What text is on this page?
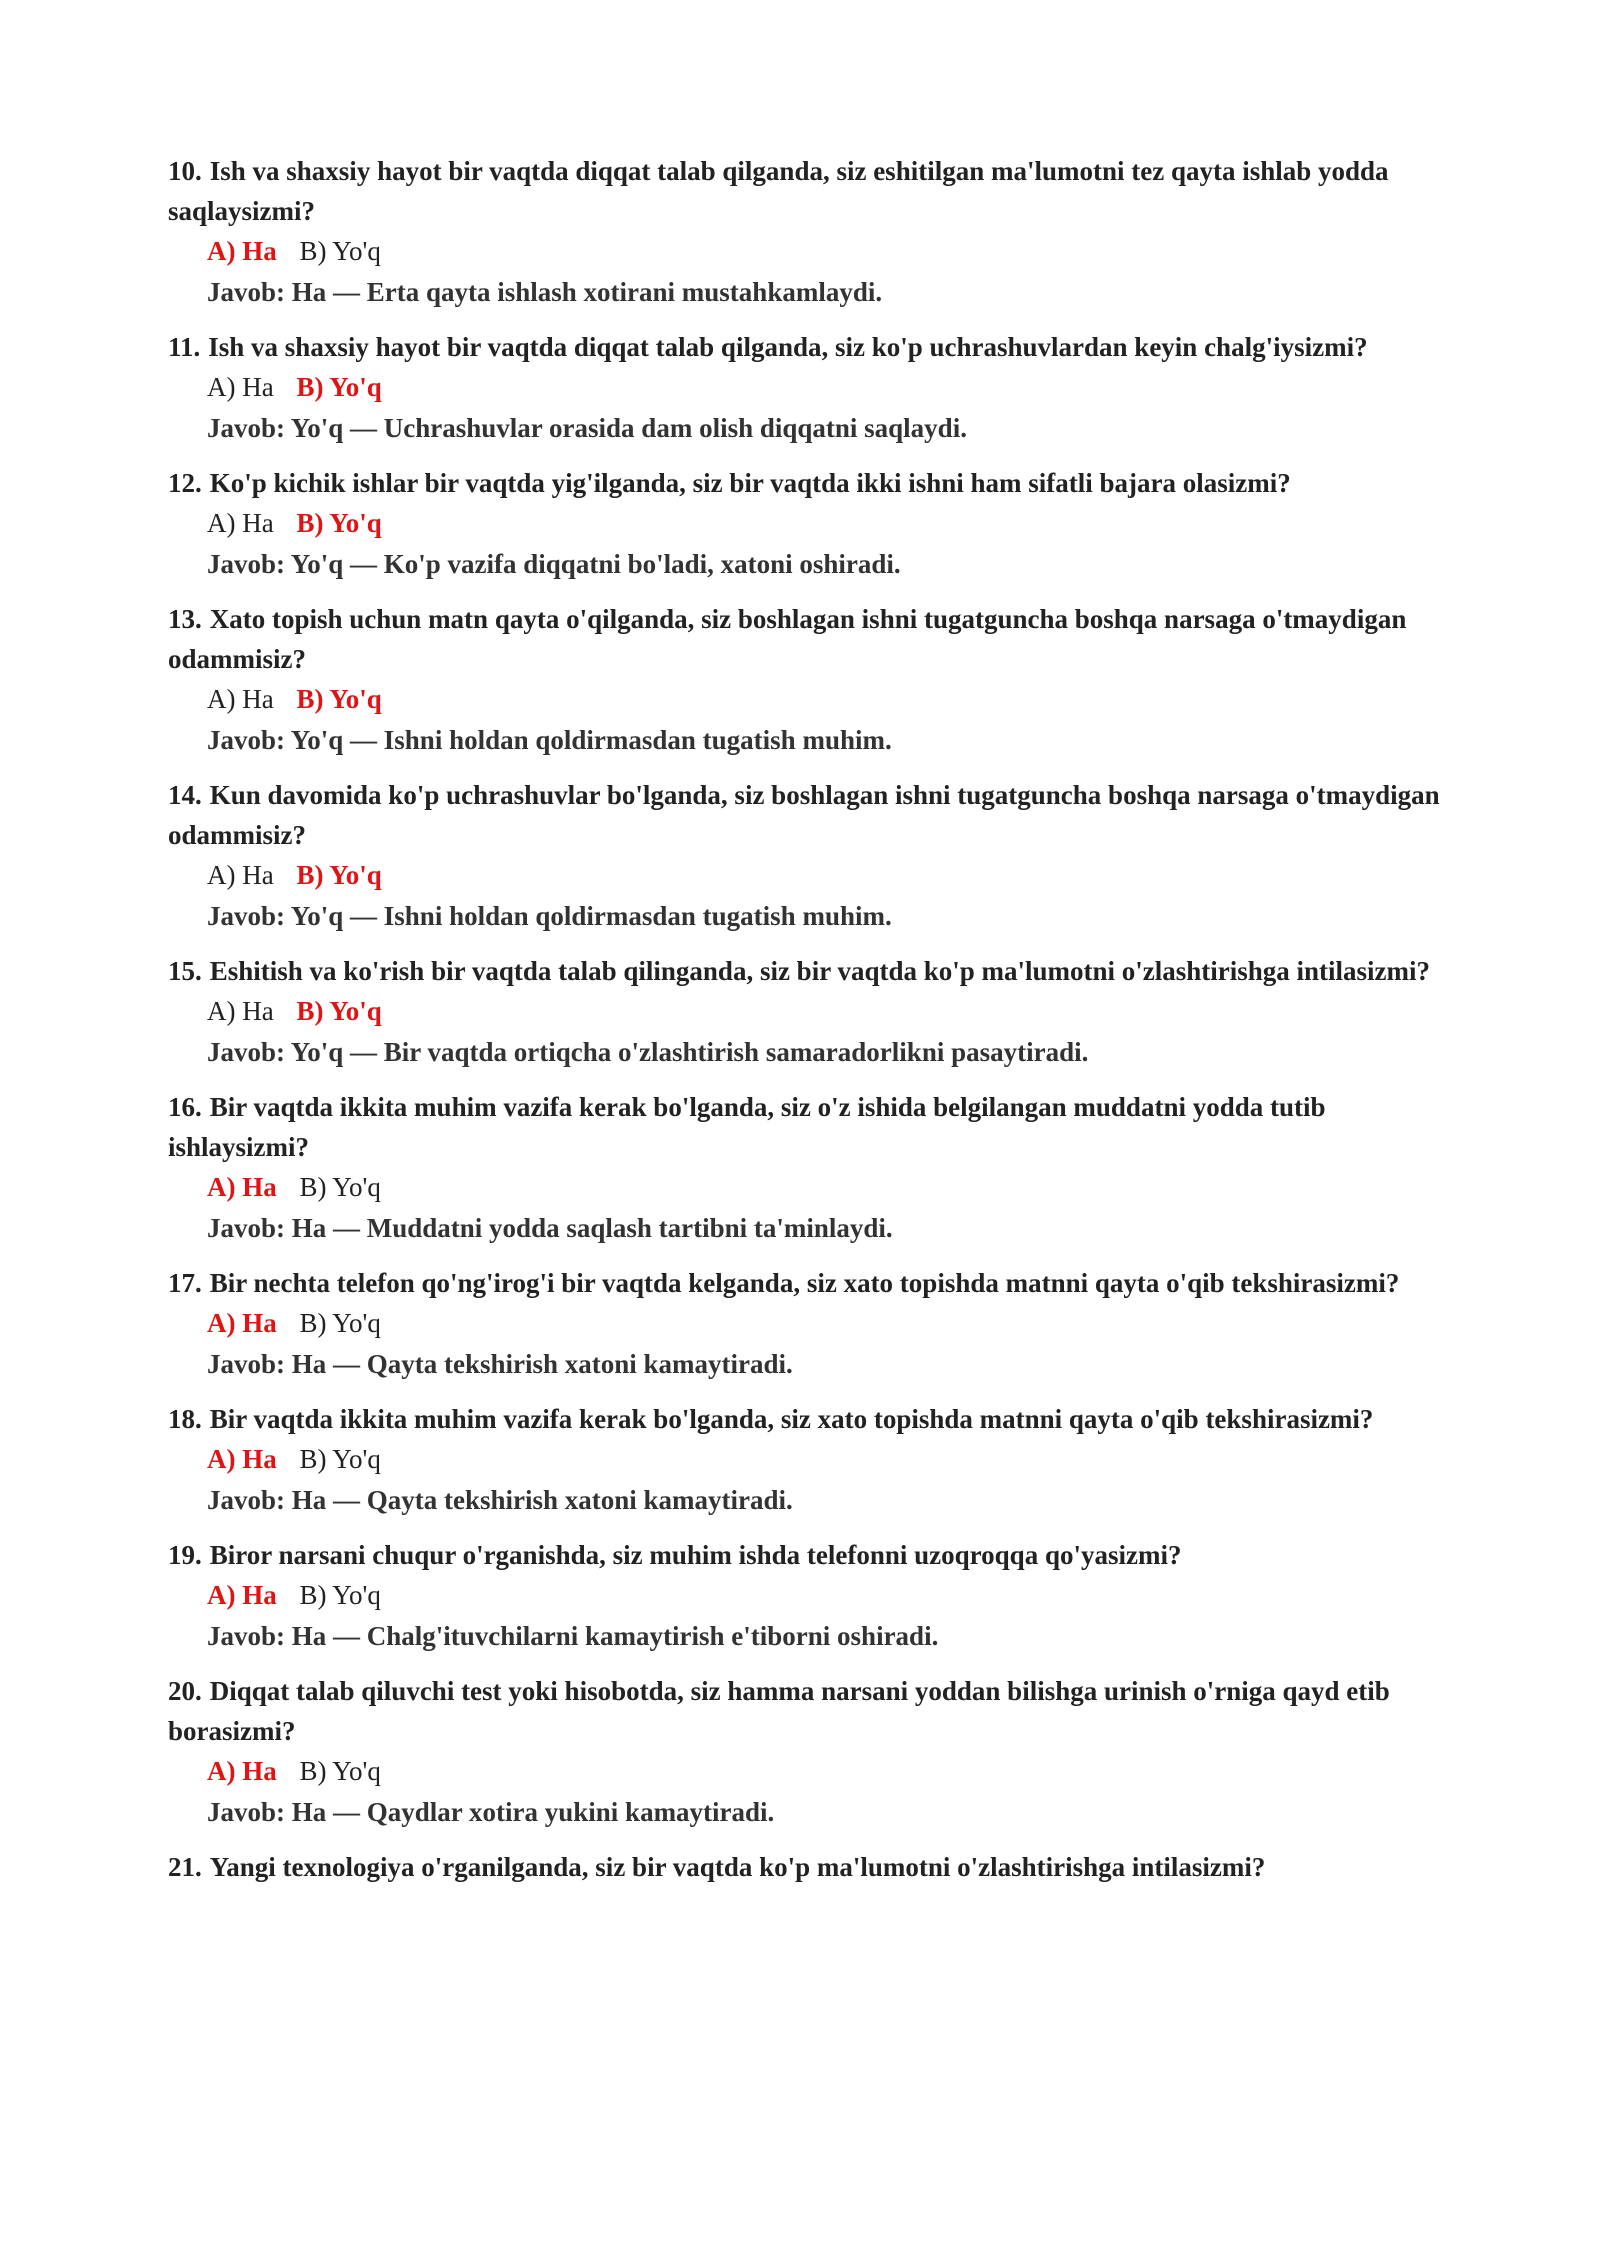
10. Ish va shaxsiy hayot bir vaqtda diqqat talab qilganda, siz eshitilgan ma'lumotni tez qayta ishlab yodda saqlaysizmi?

A) Ha B) Yo'q

Javob: Ha — Erta qayta ishlash xotirani mustahkamlaydi.

11. Ish va shaxsiy hayot bir vaqtda diqqat talab qilganda, siz ko'p uchrashuvlardan keyin chalg'iysizmi?

A) Ha B) Yo'q

Javob: Yo'q — Uchrashuvlar orasida dam olish diqqatni saqlaydi.

12. Ko'p kichik ishlar bir vaqtda yig'ilganda, siz bir vaqtda ikki ishni ham sifatli bajara olasizmi?

A) Ha B) Yo'q

Javob: Yo'q — Ko'p vazifa diqqatni bo'ladi, xatoni oshiradi.

13. Xato topish uchun matn qayta o'qilganda, siz boshlagan ishni tugatguncha boshqa narsaga o'tmaydigan odammisiz?

A) Ha B) Yo'q

Javob: Yo'q — Ishni holdan qoldirmasdan tugatish muhim.

14. Kun davomida ko'p uchrashuvlar bo'lganda, siz boshlagan ishni tugatguncha boshqa narsaga o'tmaydigan odammisiz?

A) Ha B) Yo'q

Javob: Yo'q — Ishni holdan qoldirmasdan tugatish muhim.

15. Eshitish va ko'rish bir vaqtda talab qilinganda, siz bir vaqtda ko'p ma'lumotni o'zlashtirishga intilasizmi?

A) Ha B) Yo'q

Javob: Yo'q — Bir vaqtda ortiqcha o'zlashtirish samaradorlikni pasaytiradi.

16. Bir vaqtda ikkita muhim vazifa kerak bo'lganda, siz o'z ishida belgilangan muddatni yodda tutib ishlaysizmi?

A) Ha B) Yo'q

Javob: Ha — Muddatni yodda saqlash tartibni ta'minlaydi.

17. Bir nechta telefon qo'ng'irog'i bir vaqtda kelganda, siz xato topishda matnni qayta o'qib tekshirasizmi?

A) Ha B) Yo'q

Javob: Ha — Qayta tekshirish xatoni kamaytiradi.

18. Bir vaqtda ikkita muhim vazifa kerak bo'lganda, siz xato topishda matnni qayta o'qib tekshirasizmi?

A) Ha B) Yo'q

Javob: Ha — Qayta tekshirish xatoni kamaytiradi.

19. Biror narsani chuqur o'rganishda, siz muhim ishda telefonni uzoqroqqa qo'yasizmi?

A) Ha B) Yo'q

Javob: Ha — Chalg'ituvchilarni kamaytirish e'tiborni oshiradi.

20. Diqqat talab qiluvchi test yoki hisobotda, siz hamma narsani yoddan bilishga urinish o'rniga qayd etib borasizmi?

A) Ha B) Yo'q

Javob: Ha — Qaydlar xotira yukini kamaytiradi.

21. Yangi texnologiya o'rganilganda, siz bir vaqtda ko'p ma'lumotni o'zlashtirishga intilasizmi?
